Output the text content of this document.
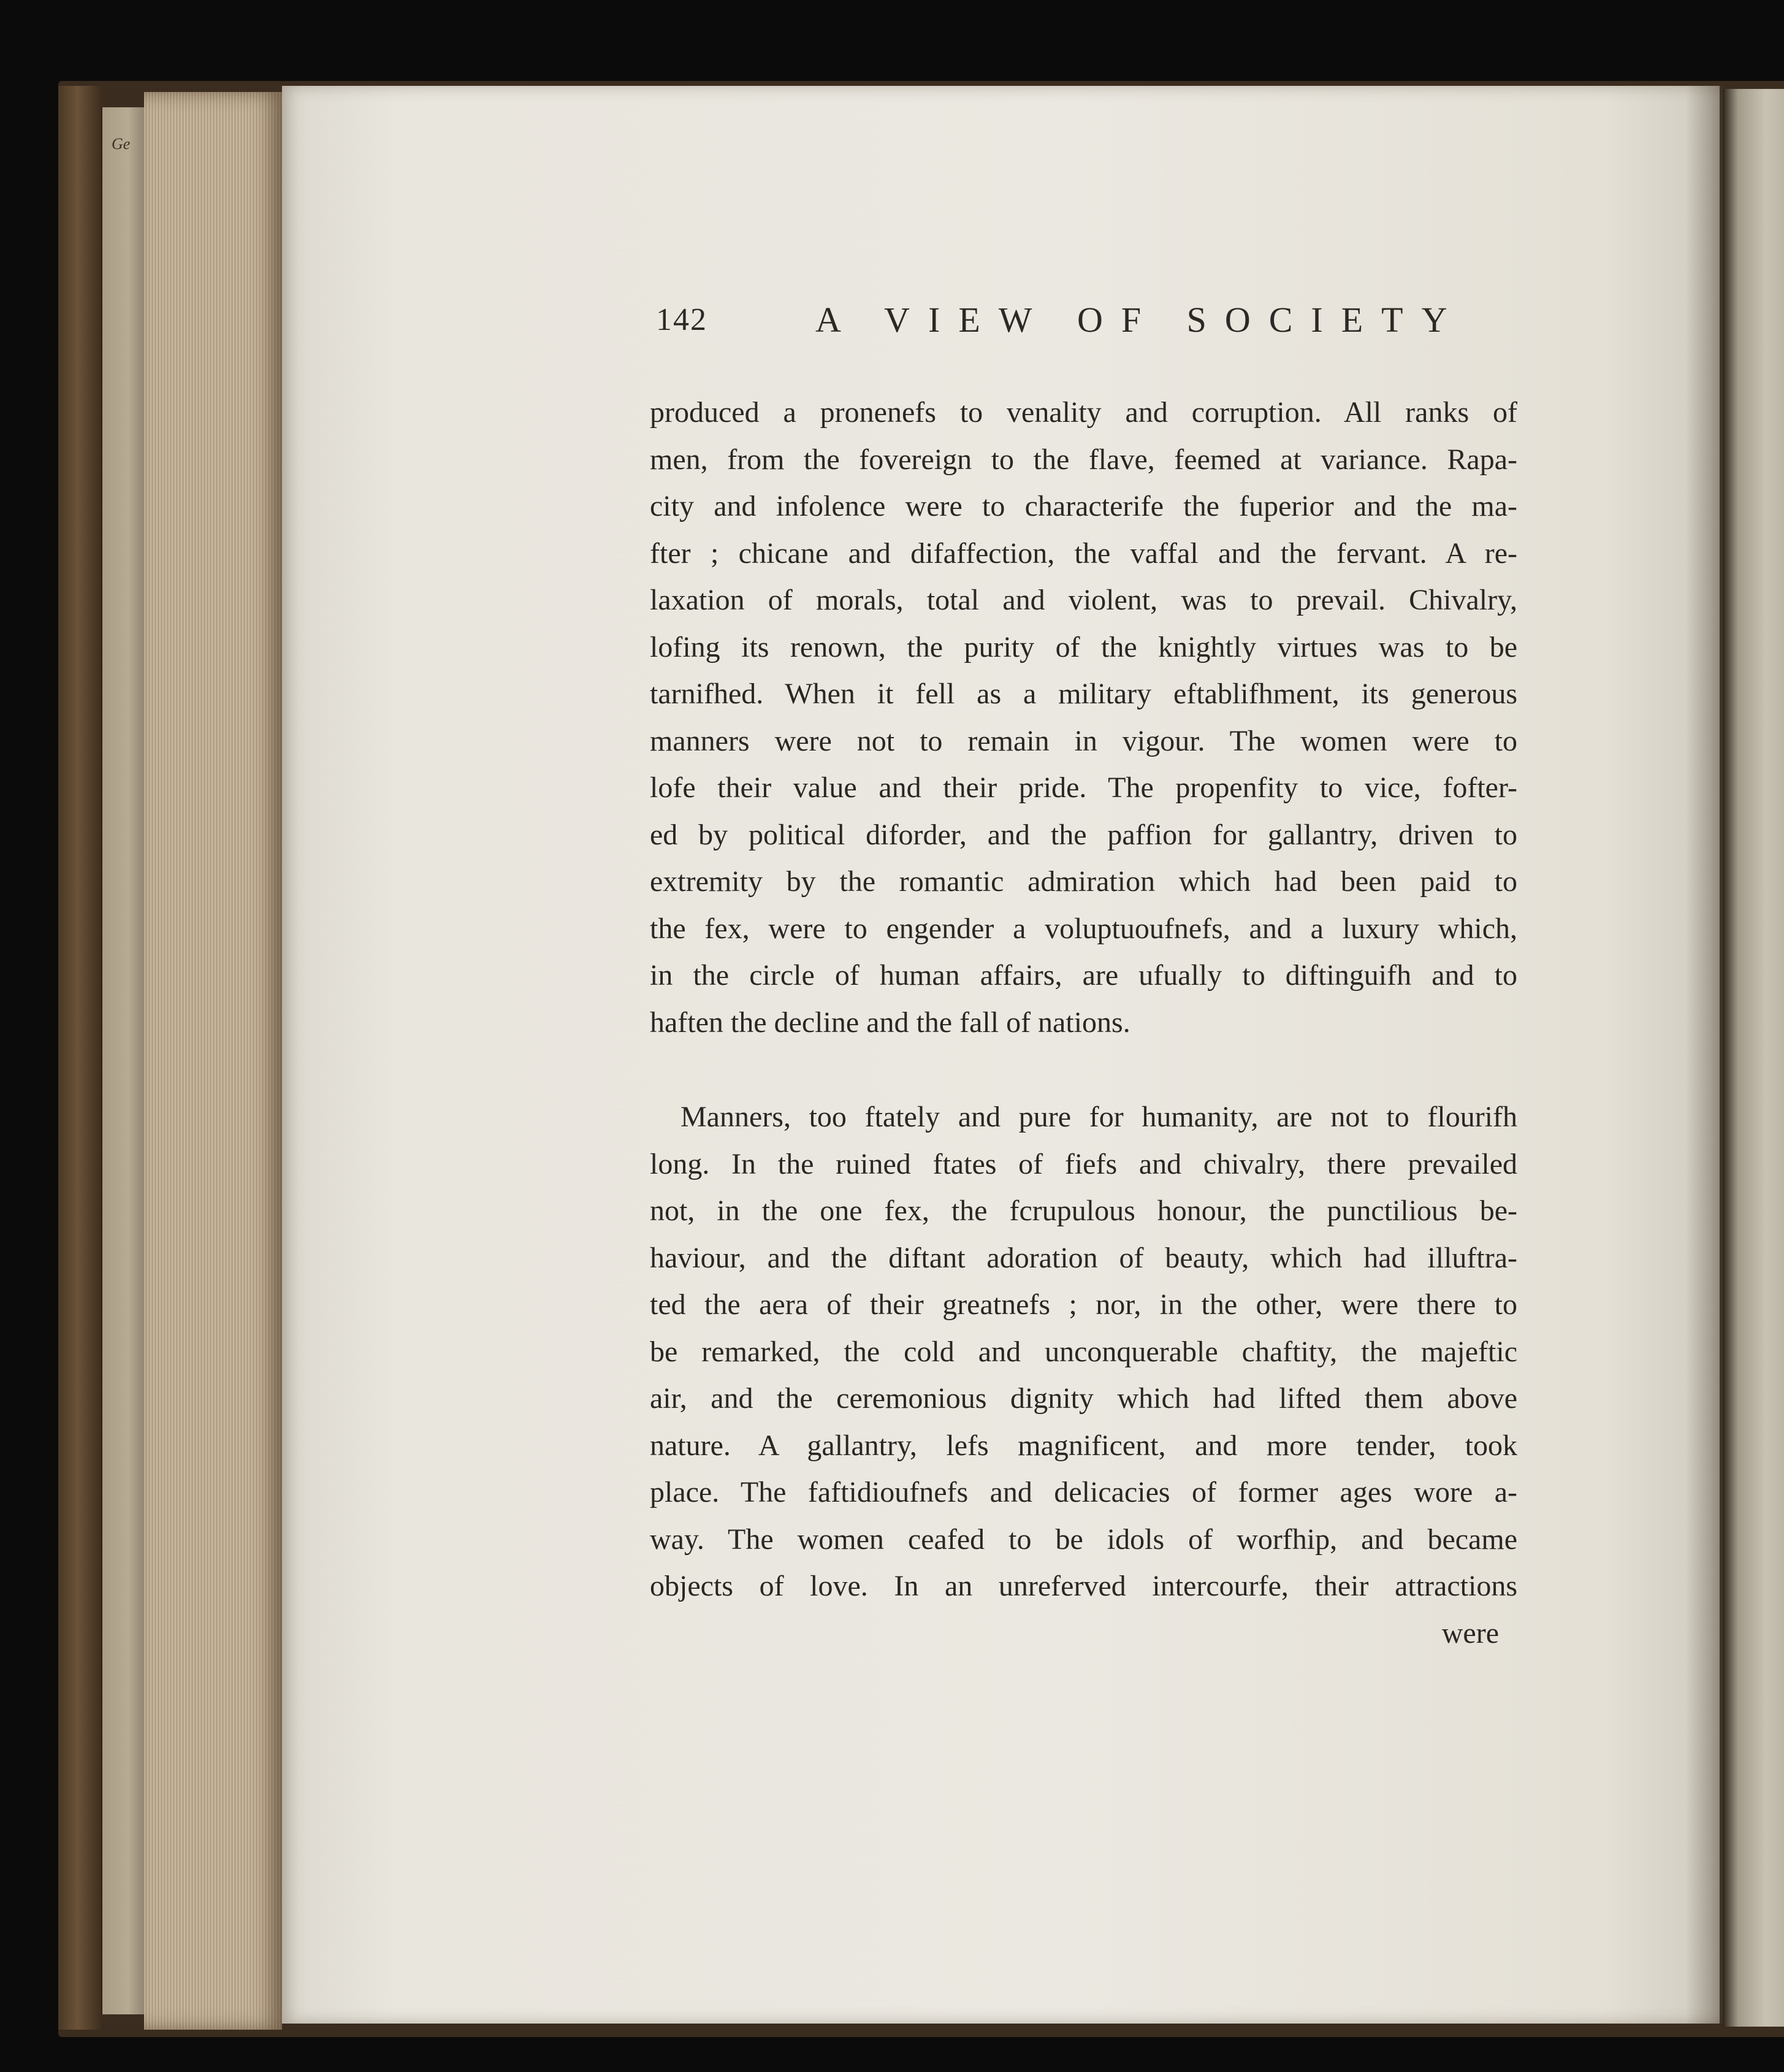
Ge
142	A VIEW OF SOCIETY
produced a pronenefs to venality and corruption. All ranks of
men, from the fovereign to the flave, feemed at variance. Rapa-
city and infolence were to characterife the fuperior and the ma-
fter ; chicane and difaffection, the vaffal and the fervant. A re-
laxation of morals, total and violent, was to prevail. Chivalry,
lofing its renown, the purity of the knightly virtues was to be
tarnifhed. When it fell as a military eftablifhment, its generous
manners were not to remain in vigour. The women were to
lofe their value and their pride. The propenfity to vice, fofter-
ed by political diforder, and the paffion for gallantry, driven to
extremity by the romantic admiration which had been paid to
the fex, were to engender a voluptuoufnefs, and a luxury which,
in the circle of human affairs, are ufually to diftinguifh and to
haften the decline and the fall of nations.
Manners, too ftately and pure for humanity, are not to flourifh
long. In the ruined ftates of fiefs and chivalry, there prevailed
not, in the one fex, the fcrupulous honour, the punctilious be-
haviour, and the diftant adoration of beauty, which had illuftra-
ted the aera of their greatnefs ; nor, in the other, were there to
be remarked, the cold and unconquerable chaftity, the majeftic
air, and the ceremonious dignity which had lifted them above
nature. A gallantry, lefs magnificent, and more tender, took
place. The faftidioufnefs and delicacies of former ages wore a-
way. The women ceafed to be idols of worfhip, and became
objects of love. In an unreferved intercourfe, their attractions
were
